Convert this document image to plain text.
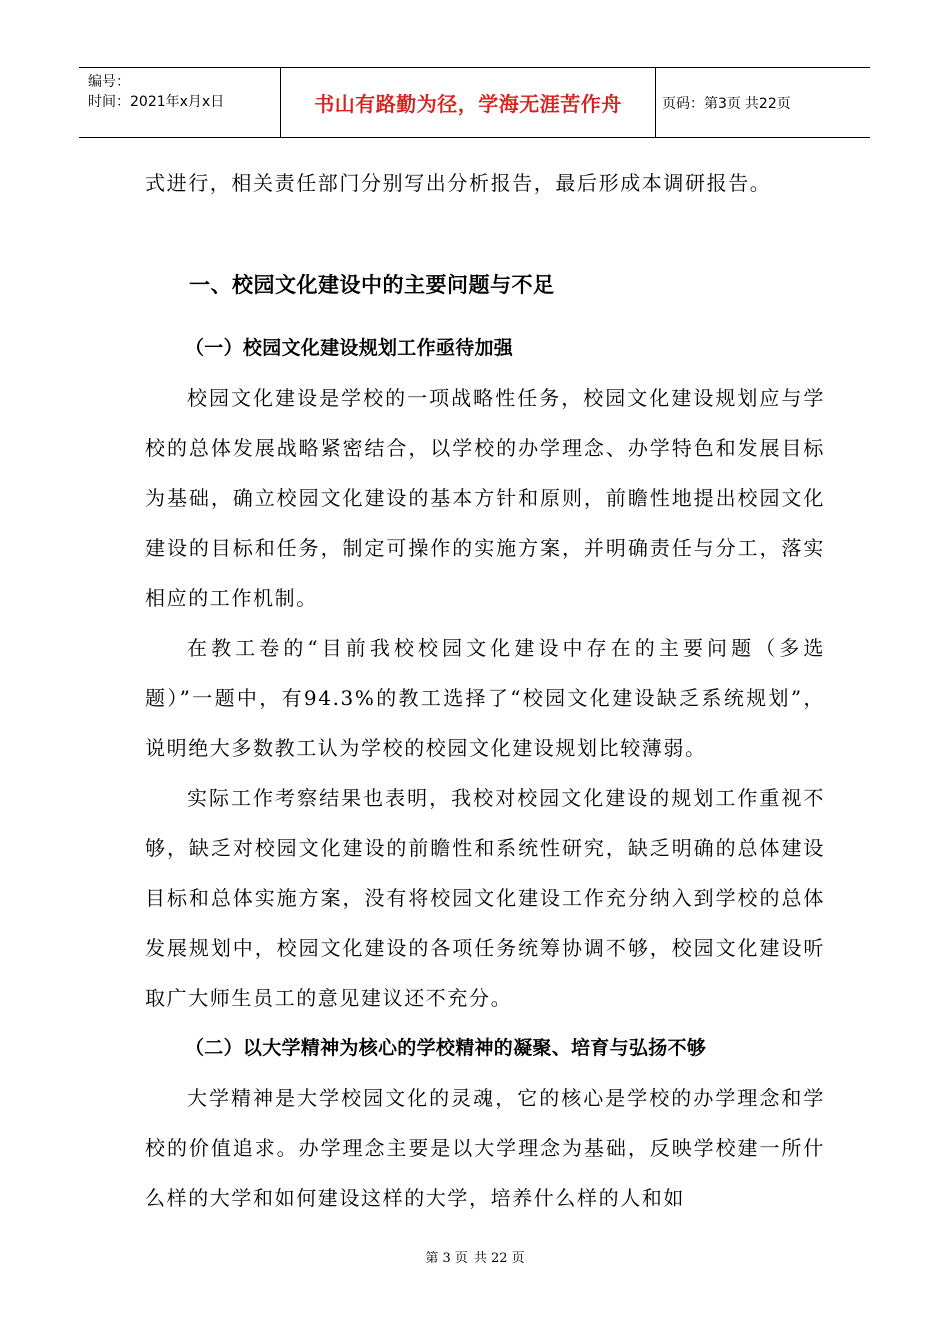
编号：
时间：2021年x月x日	书山有路勤为径，学海无涯苦作舟	页码：第3页 共22页

式进行，相关责任部门分别写出分析报告，最后形成本调研报告。

一、校园文化建设中的主要问题与不足

（一）校园文化建设规划工作亟待加强

校园文化建设是学校的一项战略性任务，校园文化建设规划应与学校的总体发展战略紧密结合，以学校的办学理念、办学特色和发展目标为基础，确立校园文化建设的基本方针和原则，前瞻性地提出校园文化建设的目标和任务，制定可操作的实施方案，并明确责任与分工，落实相应的工作机制。

在教工卷的“目前我校校园文化建设中存在的主要问题（多选题）”一题中，有94.3%的教工选择了“校园文化建设缺乏系统规划”，说明绝大多数教工认为学校的校园文化建设规划比较薄弱。

实际工作考察结果也表明，我校对校园文化建设的规划工作重视不够，缺乏对校园文化建设的前瞻性和系统性研究，缺乏明确的总体建设目标和总体实施方案，没有将校园文化建设工作充分纳入到学校的总体发展规划中，校园文化建设的各项任务统筹协调不够，校园文化建设听取广大师生员工的意见建议还不充分。

（二）以大学精神为核心的学校精神的凝聚、培育与弘扬不够

大学精神是大学校园文化的灵魂，它的核心是学校的办学理念和学校的价值追求。办学理念主要是以大学理念为基础，反映学校建一所什么样的大学和如何建设这样的大学，培养什么样的人和如

第 3 页 共 22 页
